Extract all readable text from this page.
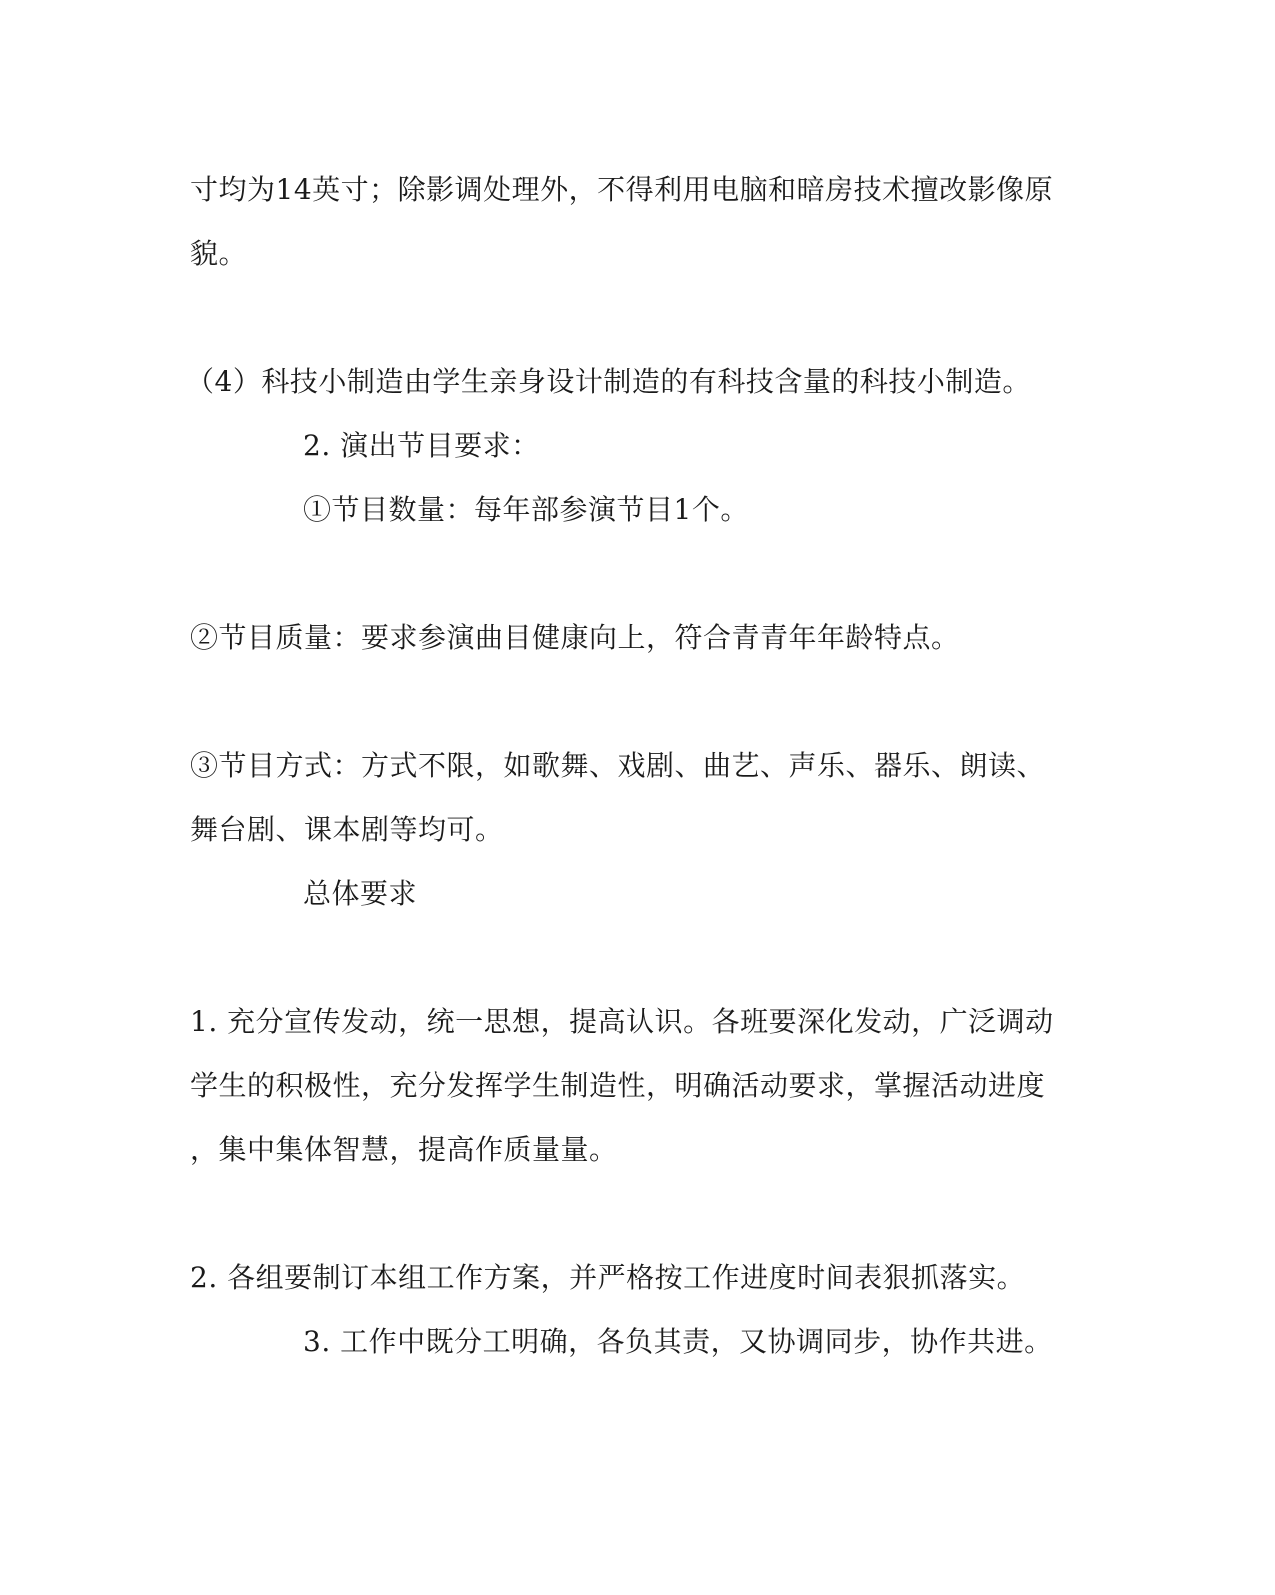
寸均为14英寸；除影调处理外，不得利用电脑和暗房技术擅改影像原
貌。
（4）科技小制造由学生亲身设计制造的有科技含量的科技小制造。
2. 演出节目要求：
①节目数量：每年部参演节目1个。
②节目质量：要求参演曲目健康向上，符合青青年年龄特点。
③节目方式：方式不限，如歌舞、戏剧、曲艺、声乐、器乐、朗读、
舞台剧、课本剧等均可。
总体要求
1. 充分宣传发动，统一思想，提高认识。各班要深化发动，广泛调动
学生的积极性，充分发挥学生制造性，明确活动要求，掌握活动进度
，集中集体智慧，提高作质量量。
2. 各组要制订本组工作方案，并严格按工作进度时间表狠抓落实。
3. 工作中既分工明确，各负其责，又协调同步，协作共进。
